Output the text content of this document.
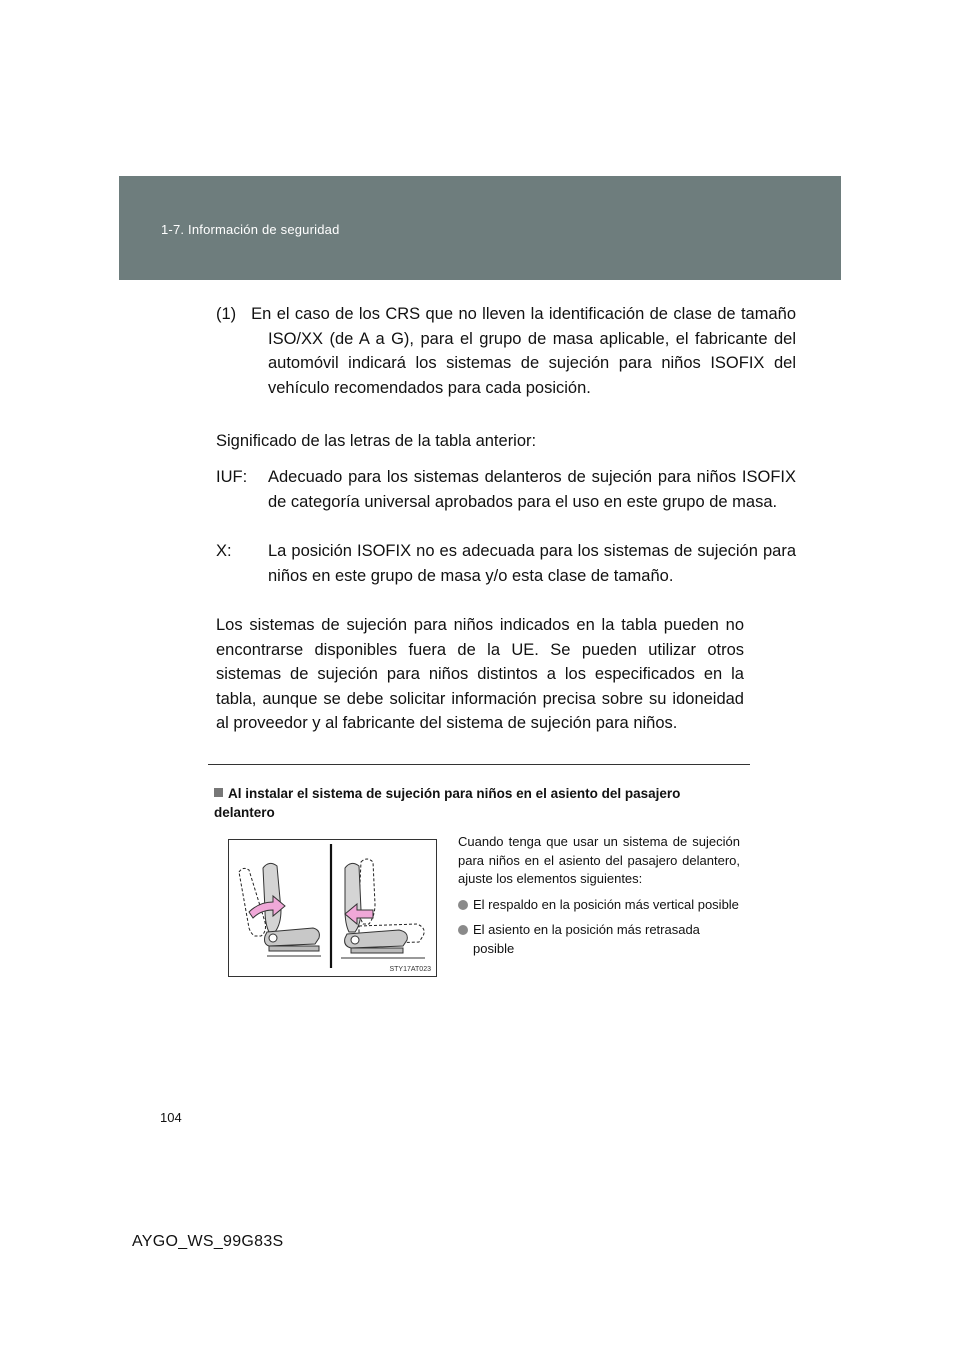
1-7. Información de seguridad
(1) En el caso de los CRS que no lleven la identificación de clase de tamaño ISO/XX (de A a G), para el grupo de masa aplicable, el fabricante del automóvil indicará los sistemas de sujeción para niños ISOFIX del vehículo recomendados para cada posición.
Significado de las letras de la tabla anterior:
IUF: Adecuado para los sistemas delanteros de sujeción para niños ISOFIX de categoría universal aprobados para el uso en este grupo de masa.
X: La posición ISOFIX no es adecuada para los sistemas de sujeción para niños en este grupo de masa y/o esta clase de tamaño.
Los sistemas de sujeción para niños indicados en la tabla pueden no encontrarse disponibles fuera de la UE. Se pueden utilizar otros sistemas de sujeción para niños distintos a los especificados en la tabla, aunque se debe solicitar información precisa sobre su idoneidad al proveedor y al fabricante del sistema de sujeción para niños.
Al instalar el sistema de sujeción para niños en el asiento del pasajero delantero
STY17AT023

Cuando tenga que usar un sistema de sujeción para niños en el asiento del pasajero delantero, ajuste los elementos siguientes:

El respaldo en la posición más vertical posible

El asiento en la posición más retrasada posible

104
AYGO_WS_99G83S
